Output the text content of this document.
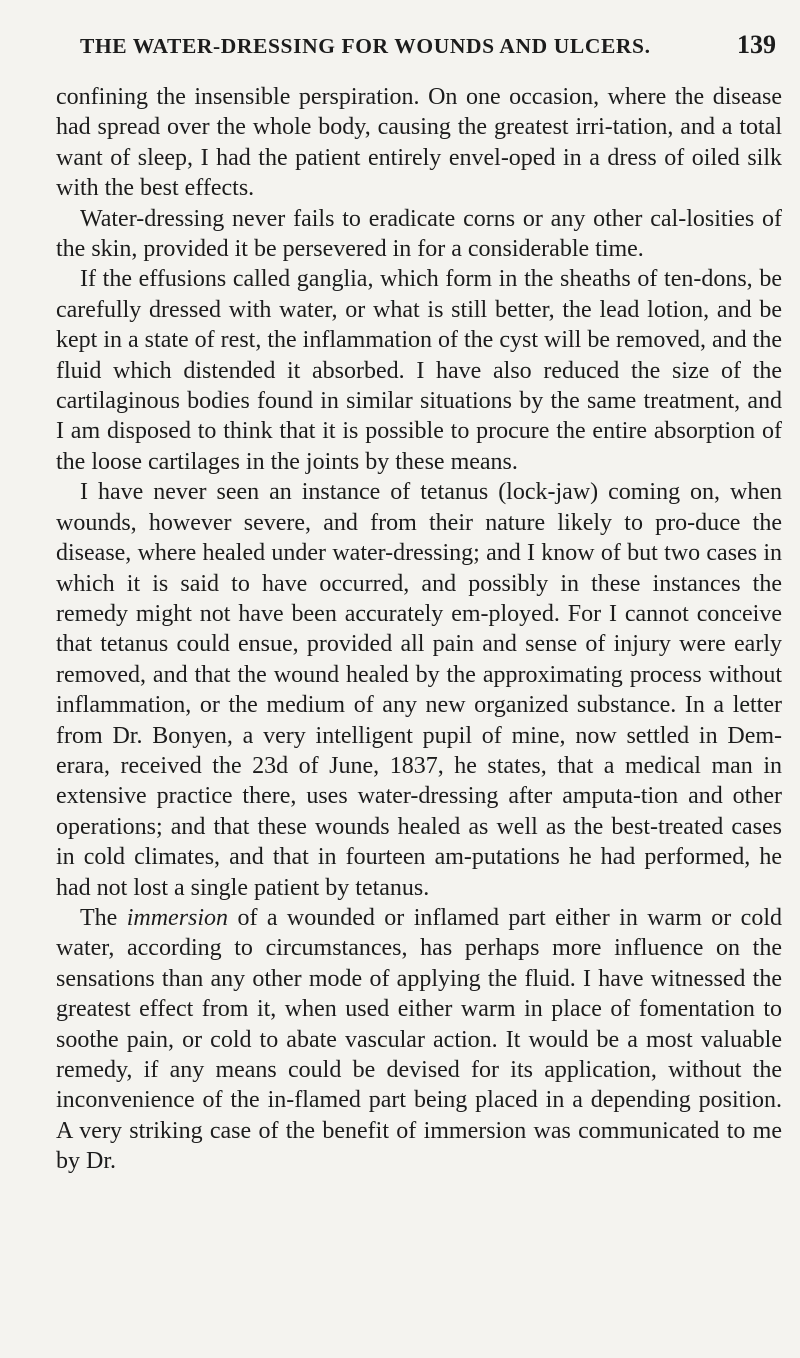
THE WATER-DRESSING FOR WOUNDS AND ULCERS.	139

confining the insensible perspiration. On one occasion, where the disease had spread over the whole body, causing the greatest irri-tation, and a total want of sleep, I had the patient entirely envel-oped in a dress of oiled silk with the best effects.

Water-dressing never fails to eradicate corns or any other cal-losities of the skin, provided it be persevered in for a considerable time.

If the effusions called ganglia, which form in the sheaths of ten-dons, be carefully dressed with water, or what is still better, the lead lotion, and be kept in a state of rest, the inflammation of the cyst will be removed, and the fluid which distended it absorbed. I have also reduced the size of the cartilaginous bodies found in similar situations by the same treatment, and I am disposed to think that it is possible to procure the entire absorption of the loose cartilages in the joints by these means.

I have never seen an instance of tetanus (lock-jaw) coming on, when wounds, however severe, and from their nature likely to pro-duce the disease, where healed under water-dressing; and I know of but two cases in which it is said to have occurred, and possibly in these instances the remedy might not have been accurately em-ployed. For I cannot conceive that tetanus could ensue, provided all pain and sense of injury were early removed, and that the wound healed by the approximating process without inflammation, or the medium of any new organized substance. In a letter from Dr. Bonyen, a very intelligent pupil of mine, now settled in Dem-erara, received the 23d of June, 1837, he states, that a medical man in extensive practice there, uses water-dressing after amputa-tion and other operations; and that these wounds healed as well as the best-treated cases in cold climates, and that in fourteen am-putations he had performed, he had not lost a single patient by tetanus.

The immersion of a wounded or inflamed part either in warm or cold water, according to circumstances, has perhaps more influence on the sensations than any other mode of applying the fluid. I have witnessed the greatest effect from it, when used either warm in place of fomentation to soothe pain, or cold to abate vascular action. It would be a most valuable remedy, if any means could be devised for its application, without the inconvenience of the in-flamed part being placed in a depending position. A very striking case of the benefit of immersion was communicated to me by Dr.
